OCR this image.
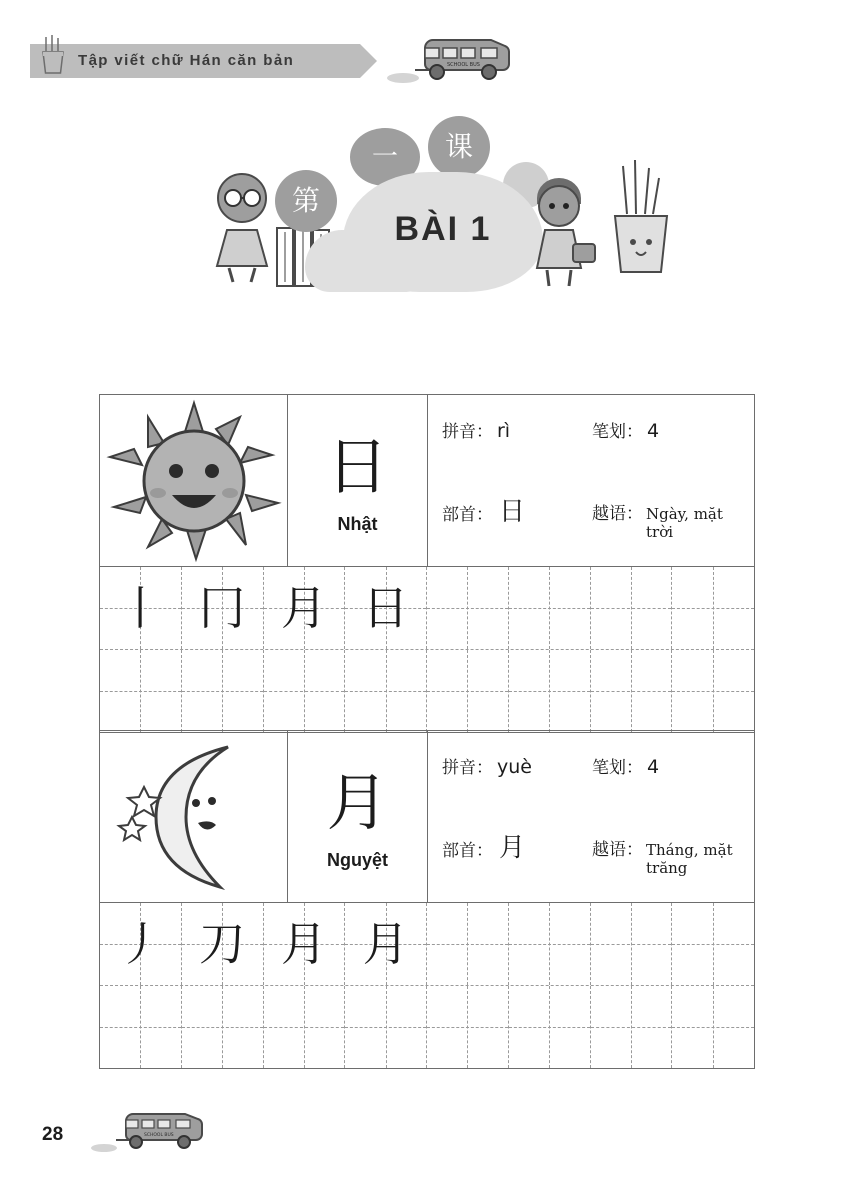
Tập viết chữ Hán căn bản	SCHOOL BUS
第
一	课
BÀI 1
日
Nhật
拼音： rì	笔划： 4
部首： 日	越语： Ngày, mặt trời
丨 冂 月 日
月
Nguyệt
拼音： yuè	笔划： 4
部首： 月	越语： Tháng, mặt trăng
丿 刀 月 月
28	SCHOOL BUS
